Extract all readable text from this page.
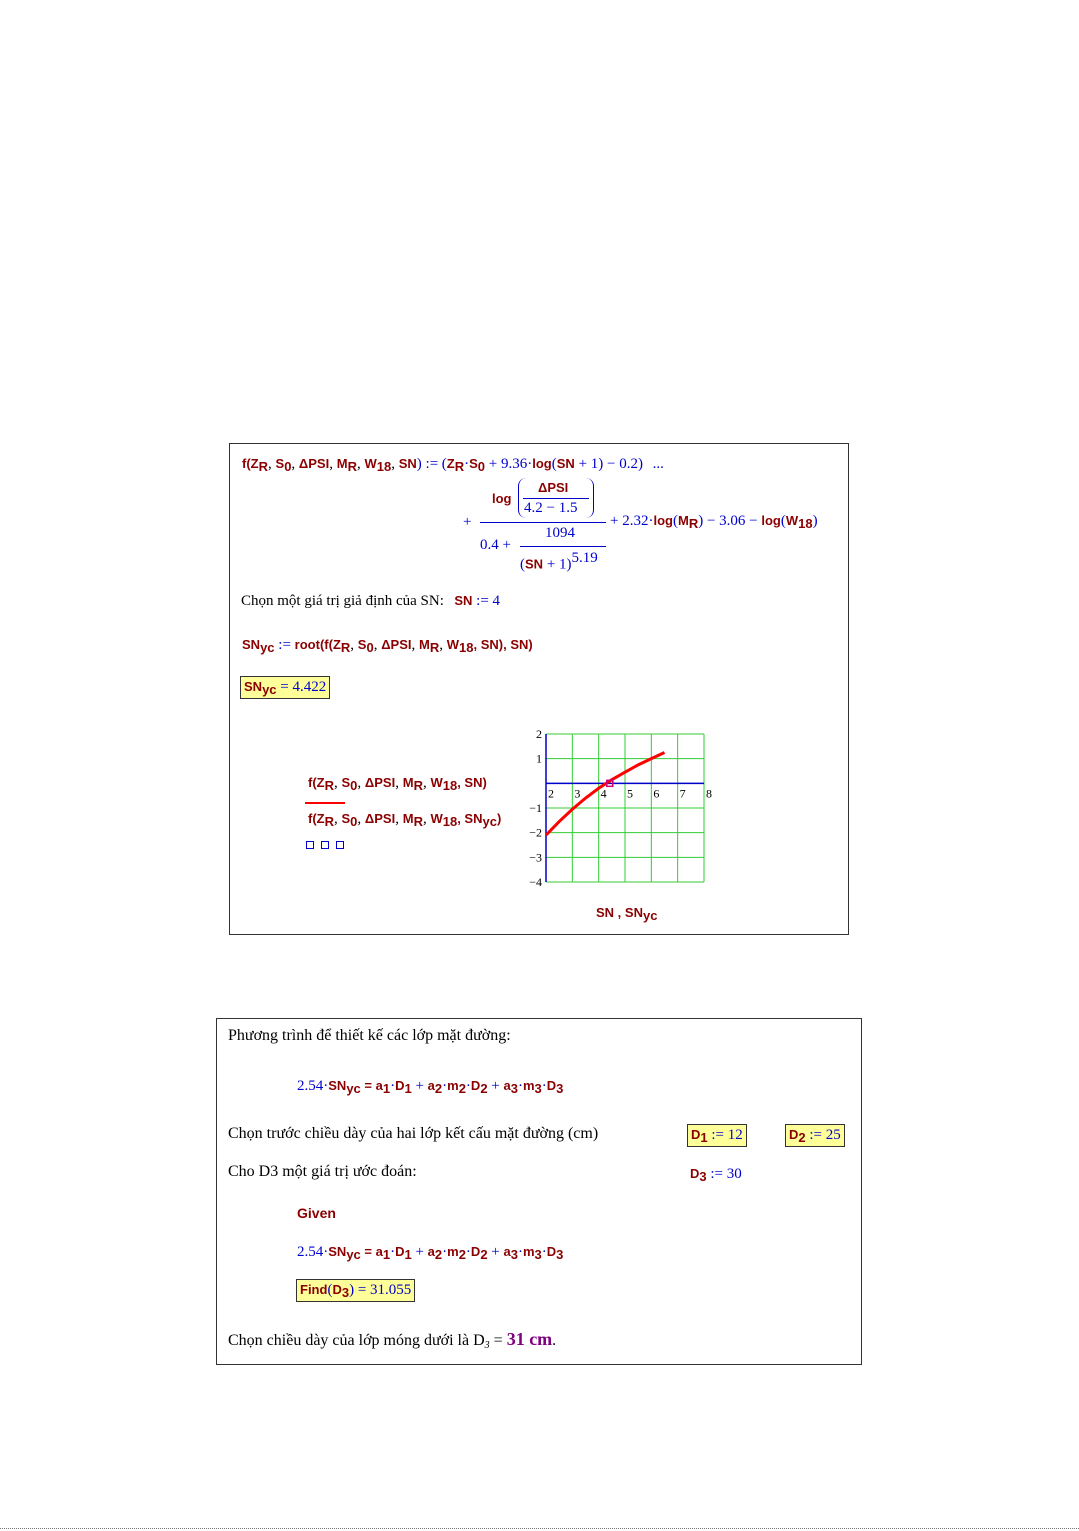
$f(Z_R$, $S_0$, ΔPSI, $M_R$, $W_{18}$, SN) := $(Z_R\cdot S_0 + 9.36\cdot\log(SN + 1) - 0.2)$ ...
+
log
ΔPSI
4.2 − 1.5
0.4 +
1094
(SN + 1)$^{5.19}$
+ $2.32\cdot\log(M_R) - 3.06 - \log(W_{18})$
Chọn một giá trị giả định của SN: SN := 4
$SN_{yc}$ := $root(f(Z_R$, $S_0$, ΔPSI, $M_R$, $W_{18}$, SN), SN)
$SN_{yc} = 4.422$
$f(Z_R$, $S_0$, ΔPSI, $M_R$, $W_{18}$, SN)
$f(Z_R$, $S_0$, ΔPSI, $M_R$, $W_{18}$, $SN_{yc}$)
2 3 4 5 6 7 8
2
1
−1
−2
−3
−4
SN , $SN_{yc}$
Phương trình để thiết kế các lớp mặt đường:
$2.54\cdot SN_{yc} = a_1\cdot D_1 + a_2\cdot m_2\cdot D_2 + a_3\cdot m_3\cdot D_3$
Chọn trước chiều dày của hai lớp kết cấu mặt đường (cm)	$D_1$ := 12	$D_2$ := 25
Cho D3 một giá trị ước đoán:	$D_3$ := 30
Given
$2.54\cdot SN_{yc} = a_1\cdot D_1 + a_2\cdot m_2\cdot D_2 + a_3\cdot m_3\cdot D_3$
$Find(D_3) = 31.055$
Chọn chiều dày của lớp móng dưới là $D_3 = 31$ cm.
